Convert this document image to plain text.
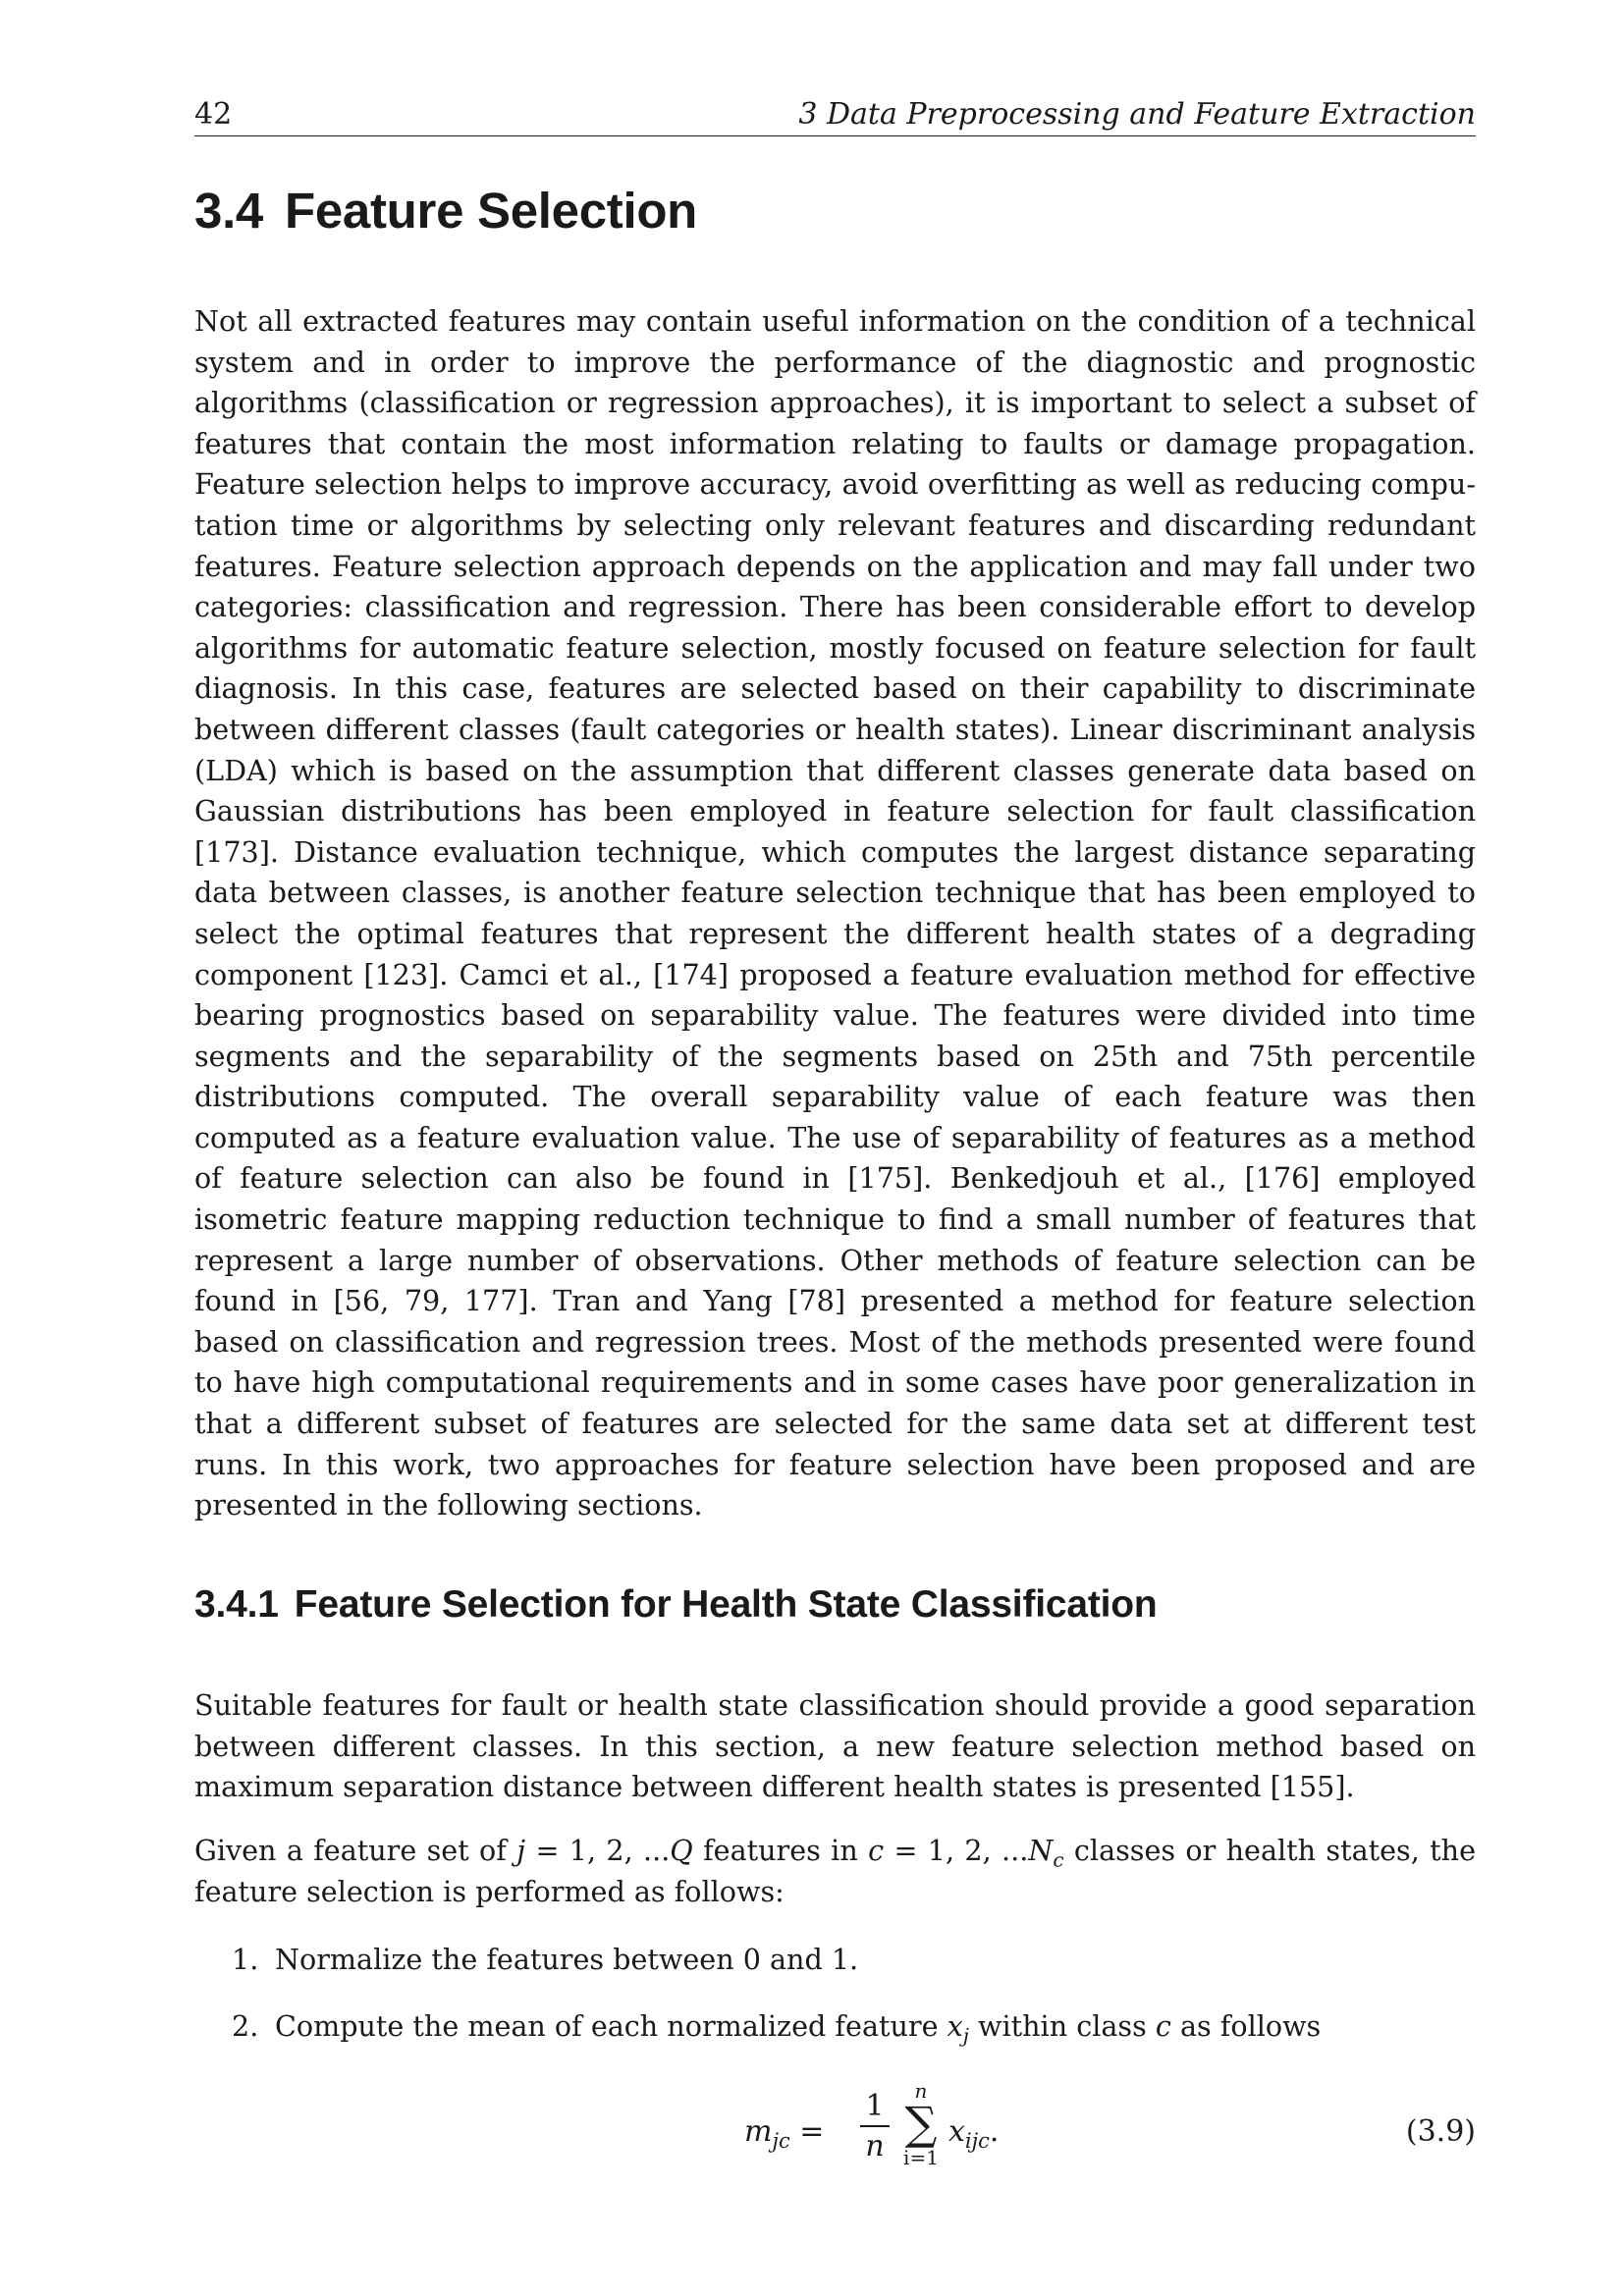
42	3 Data Preprocessing and Feature Extraction
3.4 Feature Selection

Not all extracted features may contain useful information on the condition of a technical system and in order to improve the performance of the diagnostic and prognostic algorithms (classification or regression approaches), it is important to select a subset of features that contain the most information relating to faults or damage propagation. Feature selection helps to improve accuracy, avoid overfitting as well as reducing computation time or algorithms by selecting only relevant features and discarding redundant features. Feature selection approach depends on the application and may fall under two categories: classification and regression. There has been considerable effort to develop algorithms for automatic feature selection, mostly focused on feature selection for fault diagnosis. In this case, features are selected based on their capability to discriminate between different classes (fault categories or health states). Linear discriminant analysis (LDA) which is based on the assumption that different classes generate data based on Gaussian distributions has been employed in feature selection for fault classification [173]. Distance evaluation technique, which computes the largest distance separating data between classes, is another feature selection technique that has been employed to select the optimal features that represent the different health states of a degrading component [123]. Camci et al., [174] proposed a feature evaluation method for effective bearing prognostics based on separability value. The features were divided into time segments and the separability of the segments based on 25th and 75th percentile distributions computed. The overall separability value of each feature was then computed as a feature evaluation value. The use of separability of features as a method of feature selection can also be found in [175]. Benkedjouh et al., [176] employed isometric feature mapping reduction technique to find a small number of features that represent a large number of observations. Other methods of feature selection can be found in [56, 79, 177]. Tran and Yang [78] presented a method for feature selection based on classification and regression trees. Most of the methods presented were found to have high computational requirements and in some cases have poor generalization in that a different subset of features are selected for the same data set at different test runs. In this work, two approaches for feature selection have been proposed and are presented in the following sections.

3.4.1 Feature Selection for Health State Classification

Suitable features for fault or health state classification should provide a good separation between different classes. In this section, a new feature selection method based on maximum separation distance between different health states is presented [155].

Given a feature set of j = 1, 2, ...Q features in c = 1, 2, $...N_c$ classes or health states, the feature selection is performed as follows:

1. Normalize the features between 0 and 1.
2. Compute the mean of each normalized feature $x_j$ within class c as follows
$m_{jc}$ =
1
n
n
∑
i=1
$x_{ijc}$.	(3.9)
